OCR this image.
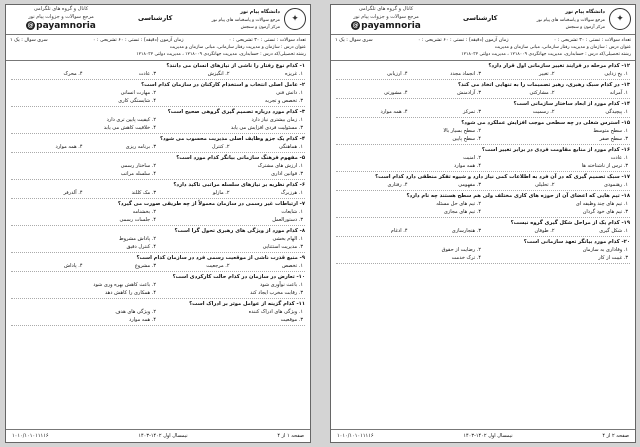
✦
دانشگاه پیام نور
مرجع سوالات و پاسخنامه های پیام نور
مرکز آزمون و سنجش
کارشناسی
کانال و گروه های تلگرامی
مرجع سوالات و جزوات پیام نور
@ payamnoria
تعداد سوالات : تستی : ۳۰ تشریحی : ۰
زمان آزمون (دقیقه) : تستی : ۶۰ تشریحی : ۰
سری سوال : یک ۱
عنوان درس : سازمان و مدیریت رفتار سازمانی، مبانی سازمان و مدیریت
رشته تحصیلی/کد درس : حسابداری، مدیریت جهانگردی ۱۲۱۸۰۰۹ ، مدیریت دولتی ۱۲۱۸۰۳۲
۱- کدام نوع رفتار را ناشی از نیازهای انسان می دانند؟
۱. غریزه
۲. انگیزش
۳. عادت
۴. محرک
۲- عامل اصلی انتخاب و استخدام کارکنان در سازمان کدام است؟
۱. دانش فنی
۲. مهارت انسانی
۳. تخصص و تجربه
۴. شایستگی کاری
۳- کدام مورد درباره تصمیم گیری گروهی صحیح است؟
۱. زمان بیشتری نیاز دارد
۲. کیفیت پایین تری دارد
۳. مسئولیت فردی افزایش می یابد
۴. خلاقیت کاهش می یابد
۴- کدام یک جزو وظایف اصلی مدیریت محسوب می شود؟
۱. هماهنگی
۲. کنترل
۳. برنامه ریزی
۴. همه موارد
۵- مفهوم فرهنگ سازمانی بیانگر کدام مورد است؟
۱. ارزش های مشترک
۲. ساختار رسمی
۳. قوانین اداری
۴. سلسله مراتب
۶- کدام نظریه بر نیازهای سلسله مراتبی تاکید دارد؟
۱. هرزبرگ
۲. مازلو
۳. مک کللند
۴. آلدرفر
۷- ارتباطات غیر رسمی در سازمان معمولاً از چه طریقی صورت می گیرد؟
۱. شایعات
۲. بخشنامه
۳. دستورالعمل
۴. جلسات رسمی
۸- کدام مورد از ویژگی های رهبری تحول گرا است؟
۱. الهام بخشی
۲. پاداش مشروط
۳. مدیریت استثنایی
۴. کنترل دقیق
۹- منبع قدرت ناشی از موقعیت رسمی فرد در سازمان کدام است؟
۱. تخصص
۲. مرجعیت
۳. مشروع
۴. پاداش
۱۰- تعارض در سازمان در کدام حالت کارکردی است؟
۱. باعث نوآوری شود
۲. باعث کاهش بهره وری شود
۳. رقابت مخرب ایجاد کند
۴. همکاری را کاهش دهد
۱۱- کدام گزینه از عوامل موثر بر ادراک است؟
۱. ویژگی های ادراک کننده
۲. ویژگی های هدف
۳. موقعیت
۴. همه موارد
صفحه ۱ از ۴
نیمسال اول ۱۴۰۲-۱۴۰۳
۱۰۱۰/۱۰۱۰۱۱۱۱۶
✦
دانشگاه پیام نور
مرجع سوالات و پاسخنامه های پیام نور
مرکز آزمون و سنجش
کارشناسی
کانال و گروه های تلگرامی
مرجع سوالات و جزوات پیام نور
@ payamnoria
تعداد سوالات : تستی : ۳۰ تشریحی : ۰
زمان آزمون (دقیقه) : تستی : ۶۰ تشریحی : ۰
سری سوال : یک ۱
عنوان درس : سازمان و مدیریت رفتار سازمانی، مبانی سازمان و مدیریت
رشته تحصیلی/کد درس : حسابداری، مدیریت جهانگردی ۱۲۱۸۰۰۹ ، مدیریت دولتی ۱۲۱۸۰۳۲
۱۲- کدام مرحله در فرایند تغییر سازمانی اول قرار دارد؟
۱. یخ زدایی
۲. تغییر
۳. انجماد مجدد
۴. ارزیابی
۱۳- در کدام سبک رهبری، رهبر تصمیمات را به تنهایی اتخاذ می کند؟
۱. آمرانه
۲. مشارکتی
۳. آزادمنش
۴. مشورتی
۱۴- کدام مورد از ابعاد ساختار سازمانی است؟
۱. پیچیدگی
۲. رسمیت
۳. تمرکز
۴. همه موارد
۱۵- استرس شغلی در چه سطحی موجب افزایش عملکرد می شود؟
۱. سطح متوسط
۲. سطح بسیار بالا
۳. سطح صفر
۴. سطح پایین
۱۶- کدام مورد از منابع مقاومت فردی در برابر تغییر است؟
۱. عادت
۲. امنیت
۳. ترس از ناشناخته ها
۴. همه موارد
۱۷- سبک تصمیم گیری که در آن فرد به اطلاعات کمی نیاز دارد و شیوه تفکر منطقی دارد کدام است؟
۱. رهنمودی
۲. تحلیلی
۳. مفهومی
۴. رفتاری
۱۸- تیم هایی که اعضای آن از حوزه های کاری مختلف ولی هم سطح هستند چه نام دارد؟
۱. تیم های چند وظیفه ای
۲. تیم های حل مسئله
۳. تیم های خود گردان
۴. تیم های مجازی
۱۹- کدام یک از مراحل شکل گیری گروه نیست؟
۱. شکل گیری
۲. طوفان
۳. هنجارسازی
۴. ادغام
۲۰- کدام مورد بیانگر تعهد سازمانی است؟
۱. وفاداری به سازمان
۲. رضایت از حقوق
۳. غیبت از کار
۴. ترک خدمت
صفحه ۲ از ۴
نیمسال اول ۱۴۰۲-۱۴۰۳
۱۰۱۰/۱۰۱۰۱۱۱۱۶
